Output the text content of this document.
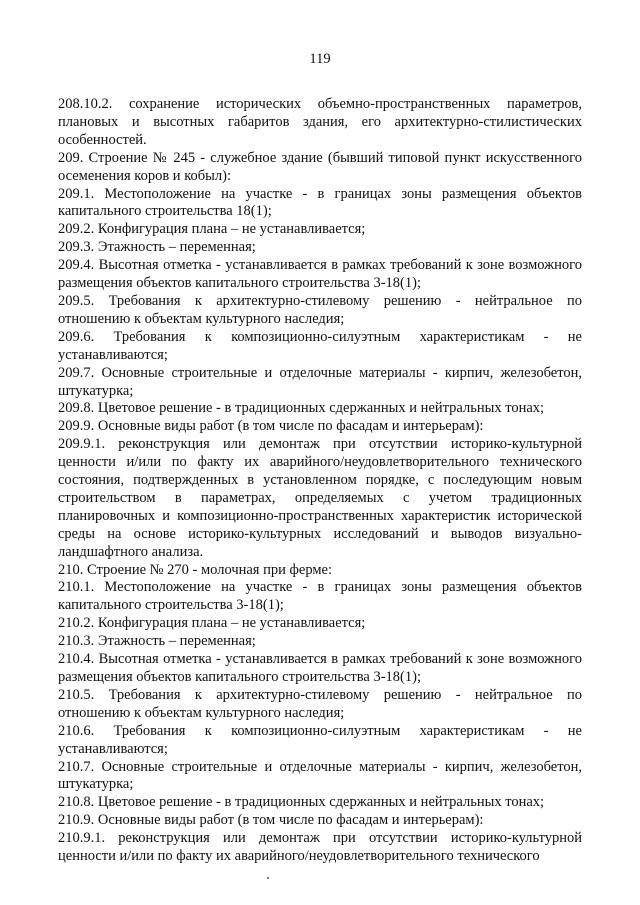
119

208.10.2. сохранение исторических объемно-пространственных параметров, плановых и высотных габаритов здания, его архитектурно-стилистических особенностей.

209. Строение № 245 - служебное здание (бывший типовой пункт искусственного осеменения коров и кобыл):

209.1. Местоположение на участке - в границах зоны размещения объектов капитального строительства 18(1);

209.2. Конфигурация плана – не устанавливается;

209.3. Этажность – переменная;

209.4. Высотная отметка - устанавливается в рамках требований к зоне возможного размещения объектов капитального строительства 3-18(1);

209.5. Требования к архитектурно-стилевому решению - нейтральное по отношению к объектам культурного наследия;

209.6. Требования к композиционно-силуэтным характеристикам - не устанавливаются;

209.7. Основные строительные и отделочные материалы - кирпич, железобетон, штукатурка;

209.8. Цветовое решение - в традиционных сдержанных и нейтральных тонах;

209.9. Основные виды работ (в том числе по фасадам и интерьерам):

209.9.1. реконструкция или демонтаж при отсутствии историко-культурной ценности и/или по факту их аварийного/неудовлетворительного технического состояния, подтвержденных в установленном порядке, с последующим новым строительством в параметрах, определяемых с учетом традиционных планировочных и композиционно-пространственных характеристик исторической среды на основе историко-культурных исследований и выводов визуально-ландшафтного анализа.

210. Строение № 270 - молочная при ферме:

210.1. Местоположение на участке - в границах зоны размещения объектов капитального строительства 3-18(1);

210.2. Конфигурация плана – не устанавливается;

210.3. Этажность – переменная;

210.4. Высотная отметка - устанавливается в рамках требований к зоне возможного размещения объектов капитального строительства 3-18(1);

210.5. Требования к архитектурно-стилевому решению - нейтральное по отношению к объектам культурного наследия;

210.6. Требования к композиционно-силуэтным характеристикам - не устанавливаются;

210.7. Основные строительные и отделочные материалы - кирпич, железобетон, штукатурка;

210.8. Цветовое решение - в традиционных сдержанных и нейтральных тонах;

210.9. Основные виды работ (в том числе по фасадам и интерьерам):

210.9.1. реконструкция или демонтаж при отсутствии историко-культурной ценности и/или по факту их аварийного/неудовлетворительного технического
